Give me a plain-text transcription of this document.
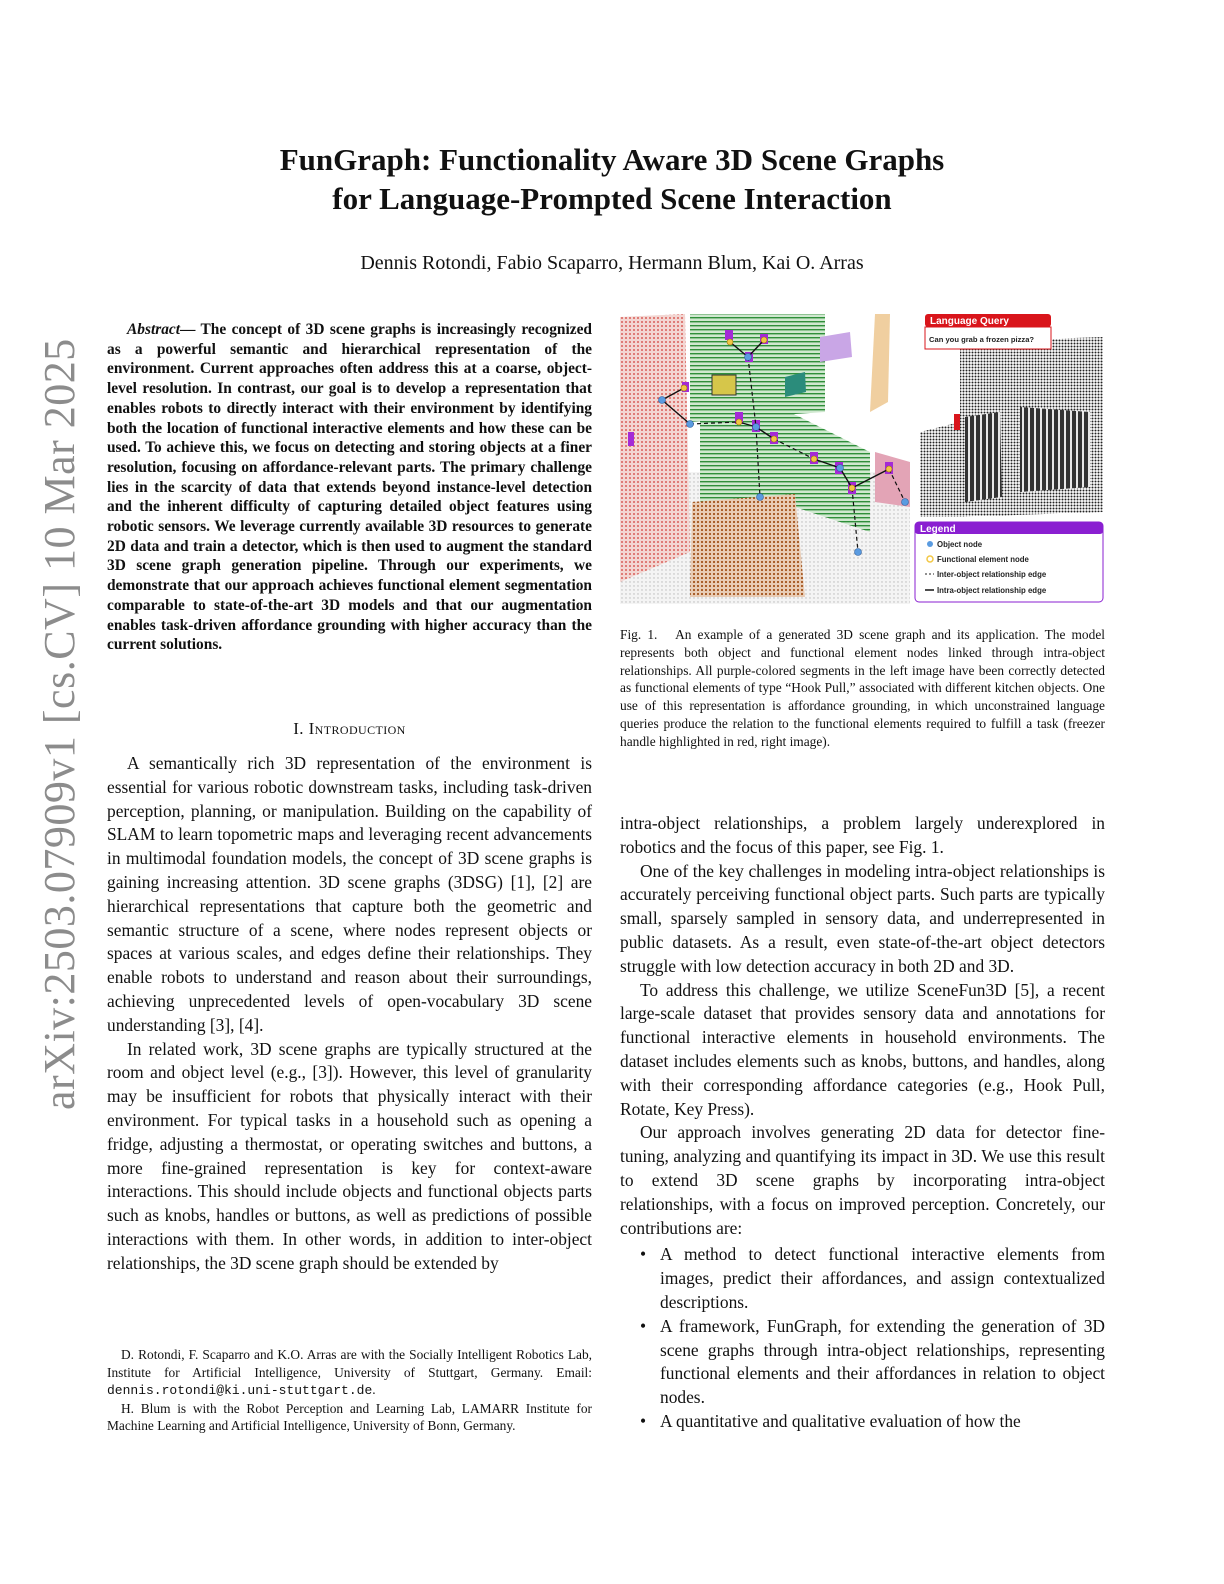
arXiv:2503.07909v1 [cs.CV] 10 Mar 2025
FunGraph: Functionality Aware 3D Scene Graphs
for Language-Prompted Scene Interaction
Dennis Rotondi, Fabio Scaparro, Hermann Blum, Kai O. Arras
Abstract— The concept of 3D scene graphs is increasingly recognized as a powerful semantic and hierarchical representation of the environment. Current approaches often address this at a coarse, object-level resolution. In contrast, our goal is to develop a representation that enables robots to directly interact with their environment by identifying both the location of functional interactive elements and how these can be used. To achieve this, we focus on detecting and storing objects at a finer resolution, focusing on affordance-relevant parts. The primary challenge lies in the scarcity of data that extends beyond instance-level detection and the inherent difficulty of capturing detailed object features using robotic sensors. We leverage currently available 3D resources to generate 2D data and train a detector, which is then used to augment the standard 3D scene graph generation pipeline. Through our experiments, we demonstrate that our approach achieves functional element segmentation comparable to state-of-the-art 3D models and that our augmentation enables task-driven affordance grounding with higher accuracy than the current solutions.
I. Introduction

A semantically rich 3D representation of the environment is essential for various robotic downstream tasks, including task-driven perception, planning, or manipulation. Building on the capability of SLAM to learn topometric maps and leveraging recent advancements in multimodal foundation models, the concept of 3D scene graphs is gaining increasing attention. 3D scene graphs (3DSG) [1], [2] are hierarchical representations that capture both the geometric and semantic structure of a scene, where nodes represent objects or spaces at various scales, and edges define their relationships. They enable robots to understand and reason about their surroundings, achieving unprecedented levels of open-vocabulary 3D scene understanding [3], [4].

In related work, 3D scene graphs are typically structured at the room and object level (e.g., [3]). However, this level of granularity may be insufficient for robots that physically interact with their environment. For typical tasks in a household such as opening a fridge, adjusting a thermostat, or operating switches and buttons, a more fine-grained representation is key for context-aware interactions. This should include objects and functional objects parts such as knobs, handles or buttons, as well as predictions of possible interactions with them. In other words, in addition to inter-object relationships, the 3D scene graph should be extended by

D. Rotondi, F. Scaparro and K.O. Arras are with the Socially Intelligent Robotics Lab, Institute for Artificial Intelligence, University of Stuttgart, Germany. Email: dennis.rotondi@ki.uni-stuttgart.de.

H. Blum is with the Robot Perception and Learning Lab, LAMARR Institute for Machine Learning and Artificial Intelligence, University of Bonn, Germany.

Language Query
Can you grab a frozen pizza?
Legend
Object node
Functional element node
Inter-object relationship edge
Intra-object relationship edge
Fig. 1. An example of a generated 3D scene graph and its application. The model represents both object and functional element nodes linked through intra-object relationships. All purple-colored segments in the left image have been correctly detected as functional elements of type “Hook Pull,” associated with different kitchen objects. One use of this representation is affordance grounding, in which unconstrained language queries produce the relation to the functional elements required to fulfill a task (freezer handle highlighted in red, right image).

intra-object relationships, a problem largely underexplored in robotics and the focus of this paper, see Fig. 1.

One of the key challenges in modeling intra-object relationships is accurately perceiving functional object parts. Such parts are typically small, sparsely sampled in sensory data, and underrepresented in public datasets. As a result, even state-of-the-art object detectors struggle with low detection accuracy in both 2D and 3D.

To address this challenge, we utilize SceneFun3D [5], a recent large-scale dataset that provides sensory data and annotations for functional interactive elements in household environments. The dataset includes elements such as knobs, buttons, and handles, along with their corresponding affordance categories (e.g., Hook Pull, Rotate, Key Press).

Our approach involves generating 2D data for detector fine-tuning, analyzing and quantifying its impact in 3D. We use this result to extend 3D scene graphs by incorporating intra-object relationships, with a focus on improved perception. Concretely, our contributions are:

• A method to detect functional interactive elements from images, predict their affordances, and assign contextualized descriptions.
• A framework, FunGraph, for extending the generation of 3D scene graphs through intra-object relationships, representing functional elements and their affordances in relation to object nodes.
• A quantitative and qualitative evaluation of how the
